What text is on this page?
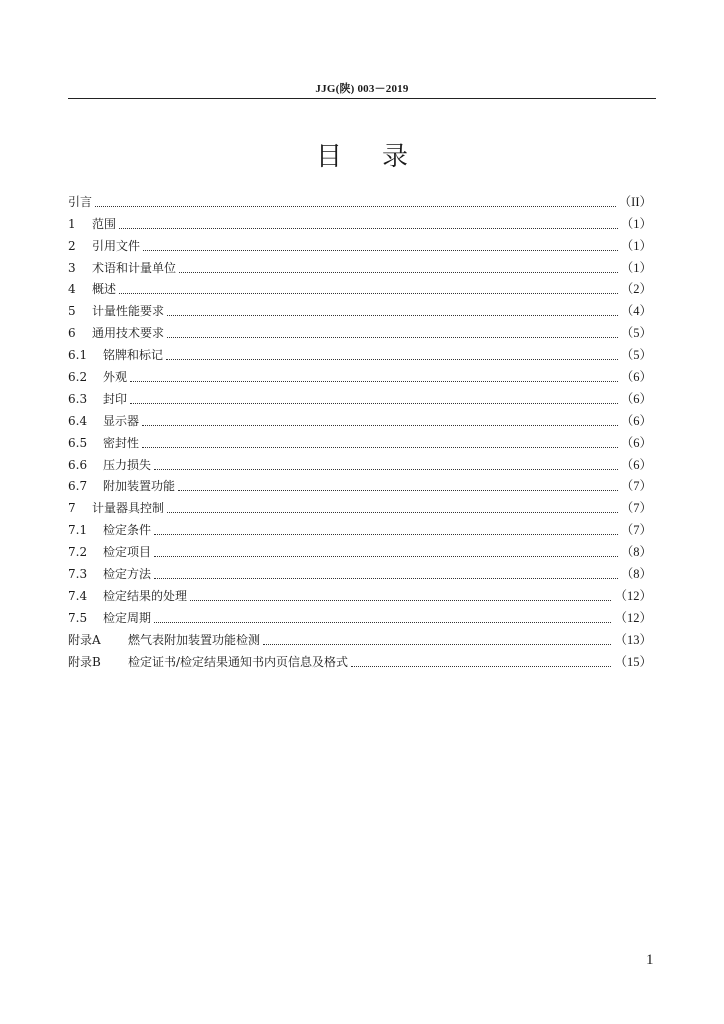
JJG(陕) 003－2019
目录
引言	（II）
1	范围	（1）
2	引用文件	（1）
3	术语和计量单位	（1）
4	概述	（2）
5	计量性能要求	（4）
6	通用技术要求	（5）
6.1	铭牌和标记	（5）
6.2	外观	（6）
6.3	封印	（6）
6.4	显示器	（6）
6.5	密封性	（6）
6.6	压力损失	（6）
6.7	附加装置功能	（7）
7	计量器具控制	（7）
7.1	检定条件	（7）
7.2	检定项目	（8）
7.3	检定方法	（8）
7.4	检定结果的处理	（12）
7.5	检定周期	（12）
附录A	燃气表附加装置功能检测	（13）
附录B	检定证书/检定结果通知书内页信息及格式	（15）
1
